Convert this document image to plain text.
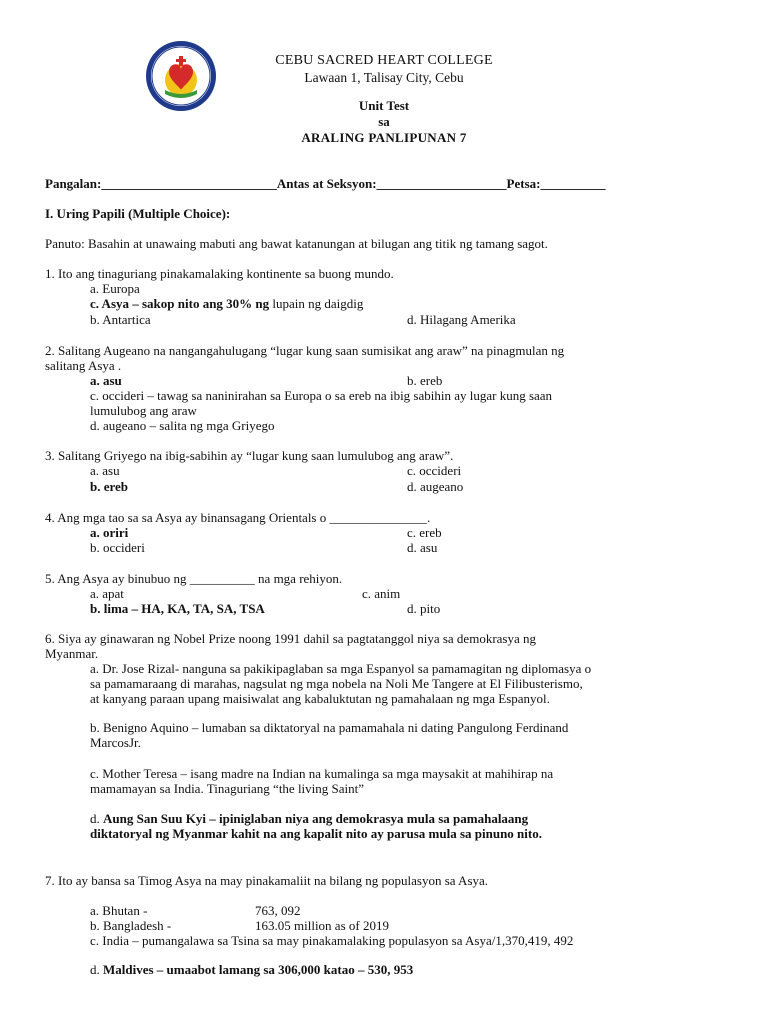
CEBU SACRED HEART COLLEGE
Lawaan 1, Talisay City, Cebu
Unit Test
sa
ARALING PANLIPUNAN 7
Pangalan:___________________________Antas at Seksyon:____________________Petsa:__________
I. Uring Papili (Multiple Choice):
Panuto: Basahin at unawaing mabuti ang bawat katanungan at bilugan ang titik ng tamang sagot.
1. Ito ang tinaguriang pinakamalaking kontinente sa buong mundo.
a. Europa
c. Asya – sakop nito ang 30% ng lupain ng daigdig
b. Antartica	d. Hilagang Amerika
2. Salitang Augeano na nangangahulugang “lugar kung saan sumisikat ang araw” na pinagmulan ng
salitang Asya .
a. asu	b. ereb
c. occideri – tawag sa naninirahan sa Europa o sa ereb na ibig sabihin ay lugar kung saan
lumulubog ang araw
d. augeano – salita ng mga Griyego
3. Salitang Griyego na ibig-sabihin ay “lugar kung saan lumulubog ang araw”.
a. asu	c. occideri
b. ereb	d. augeano
4. Ang mga tao sa sa Asya ay binansagang Orientals o _______________.
a. oriri	c. ereb
b. occideri	d. asu
5. Ang Asya ay binubuo ng __________ na mga rehiyon.
a. apat	c. anim
b. lima – HA, KA, TA, SA, TSA	d. pito
6. Siya ay ginawaran ng Nobel Prize noong 1991 dahil sa pagtatanggol niya sa demokrasya ng
Myanmar.
a. Dr. Jose Rizal- nanguna sa pakikipaglaban sa mga Espanyol sa pamamagitan ng diplomasya o
sa pamamaraang di marahas, nagsulat ng mga nobela na Noli Me Tangere at El Filibusterismo,
at kanyang paraan upang maisiwalat ang kabaluktutan ng pamahalaan ng mga Espanyol.
b. Benigno Aquino – lumaban sa diktatoryal na pamamahala ni dating Pangulong Ferdinand
MarcosJr.
c. Mother Teresa – isang madre na Indian na kumalinga sa mga maysakit at mahihirap na
mamamayan sa India. Tinaguriang “the living Saint”
d. Aung San Suu Kyi – ipiniglaban niya ang demokrasya mula sa pamahalaang
diktatoryal ng Myanmar kahit na ang kapalit nito ay parusa mula sa pinuno nito.
7. Ito ay bansa sa Timog Asya na may pinakamaliit na bilang ng populasyon sa Asya.
a. Bhutan -	763, 092
b. Bangladesh -	163.05 million as of 2019
c. India – pumangalawa sa Tsina sa may pinakamalaking populasyon sa Asya/1,370,419, 492
d. Maldives – umaabot lamang sa 306,000 katao – 530, 953
